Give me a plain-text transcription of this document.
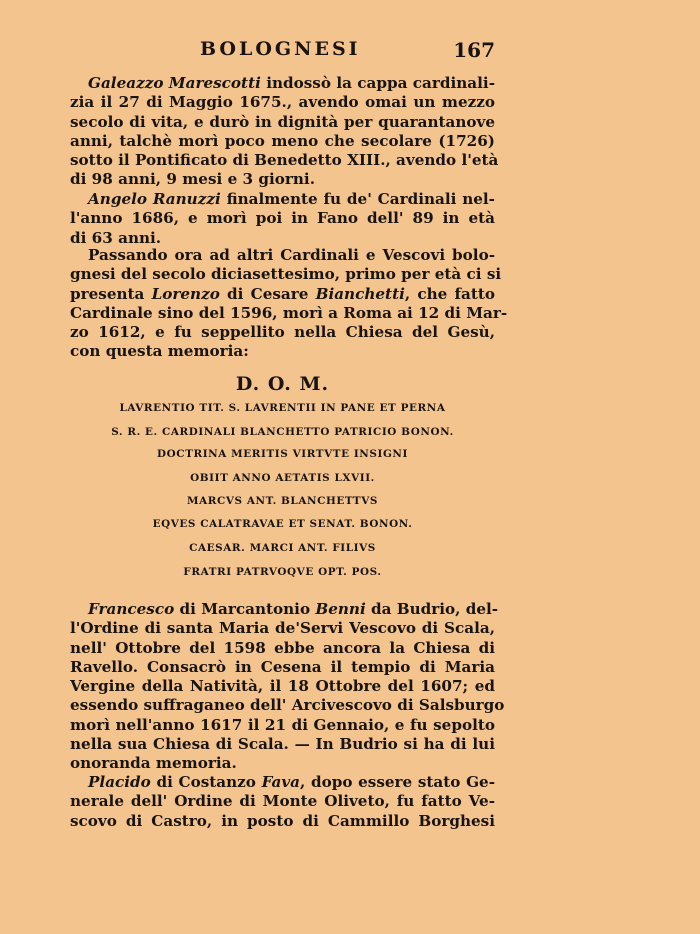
BOLOGNESI	167
Galeazzo Marescotti indossò la cappa cardinali-
zia il 27 di Maggio 1675., avendo omai un mezzo
secolo di vita, e durò in dignità per quarantanove
anni, talchè morì poco meno che secolare (1726)
sotto il Pontificato di Benedetto XIII., avendo l'età
di 98 anni, 9 mesi e 3 giorni.
Angelo Ranuzzi finalmente fu de' Cardinali nel-
l'anno 1686, e morì poi in Fano dell' 89 in età
di 63 anni.
Passando ora ad altri Cardinali e Vescovi bolo-
gnesi del secolo diciasettesimo, primo per età ci si
presenta Lorenzo di Cesare Bianchetti, che fatto
Cardinale sino del 1596, morì a Roma ai 12 di Mar-
zo 1612, e fu seppellito nella Chiesa del Gesù,
con questa memoria:
D. O. M.
LAVRENTIO TIT. S. LAVRENTII IN PANE ET PERNA
S. R. E. CARDINALI BLANCHETTO PATRICIO BONON.
DOCTRINA MERITIS VIRTVTE INSIGNI
OBIIT ANNO AETATIS LXVII.
MARCVS ANT. BLANCHETTVS
EQVES CALATRAVAE ET SENAT. BONON.
CAESAR. MARCI ANT. FILIVS
FRATRI PATRVOQVE OPT. POS.
Francesco di Marcantonio Benni da Budrio, del-
l'Ordine di santa Maria de'Servi Vescovo di Scala,
nell' Ottobre del 1598 ebbe ancora la Chiesa di
Ravello. Consacrò in Cesena il tempio di Maria
Vergine della Natività, il 18 Ottobre del 1607; ed
essendo suffraganeo dell' Arcivescovo di Salsburgo
morì nell'anno 1617 il 21 di Gennaio, e fu sepolto
nella sua Chiesa di Scala. — In Budrio si ha di lui
onoranda memoria.
Placido di Costanzo Fava, dopo essere stato Ge-
nerale dell' Ordine di Monte Oliveto, fu fatto Ve-
scovo di Castro, in posto di Cammillo Borghesi
